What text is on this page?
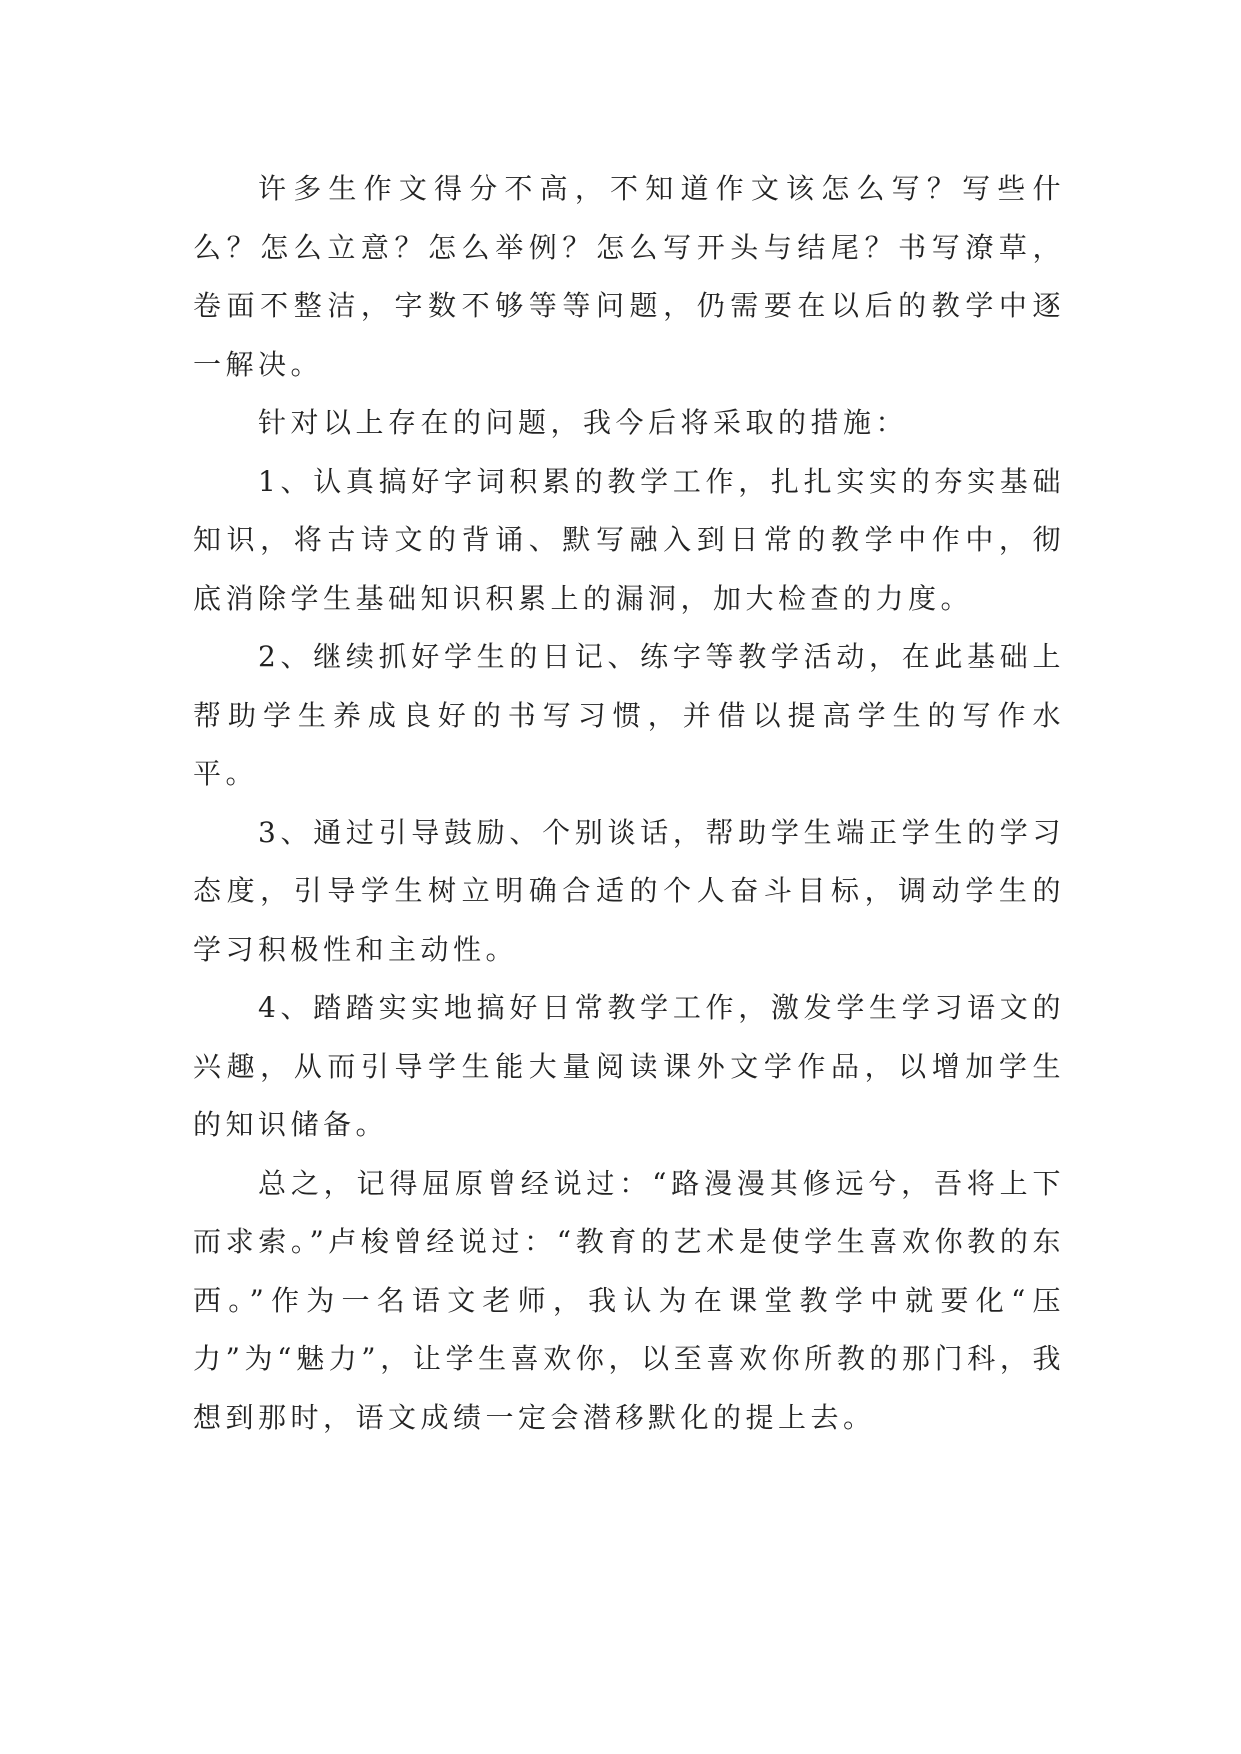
许多生作文得分不高，不知道作文该怎么写？写些什么？怎么立意？怎么举例？怎么写开头与结尾？书写潦草，卷面不整洁，字数不够等等问题，仍需要在以后的教学中逐一解决。

针对以上存在的问题，我今后将采取的措施：

1、认真搞好字词积累的教学工作，扎扎实实的夯实基础知识，将古诗文的背诵、默写融入到日常的教学中作中，彻底消除学生基础知识积累上的漏洞，加大检查的力度。

2、继续抓好学生的日记、练字等教学活动，在此基础上帮助学生养成良好的书写习惯，并借以提高学生的写作水平。

3、通过引导鼓励、个别谈话，帮助学生端正学生的学习态度，引导学生树立明确合适的个人奋斗目标，调动学生的学习积极性和主动性。

4、踏踏实实地搞好日常教学工作，激发学生学习语文的兴趣，从而引导学生能大量阅读课外文学作品，以增加学生的知识储备。

总之，记得屈原曾经说过：“路漫漫其修远兮，吾将上下而求索。”卢梭曾经说过：“教育的艺术是使学生喜欢你教的东西。”作为一名语文老师，我认为在课堂教学中就要化“压力”为“魅力”，让学生喜欢你，以至喜欢你所教的那门科，我想到那时，语文成绩一定会潜移默化的提上去。
